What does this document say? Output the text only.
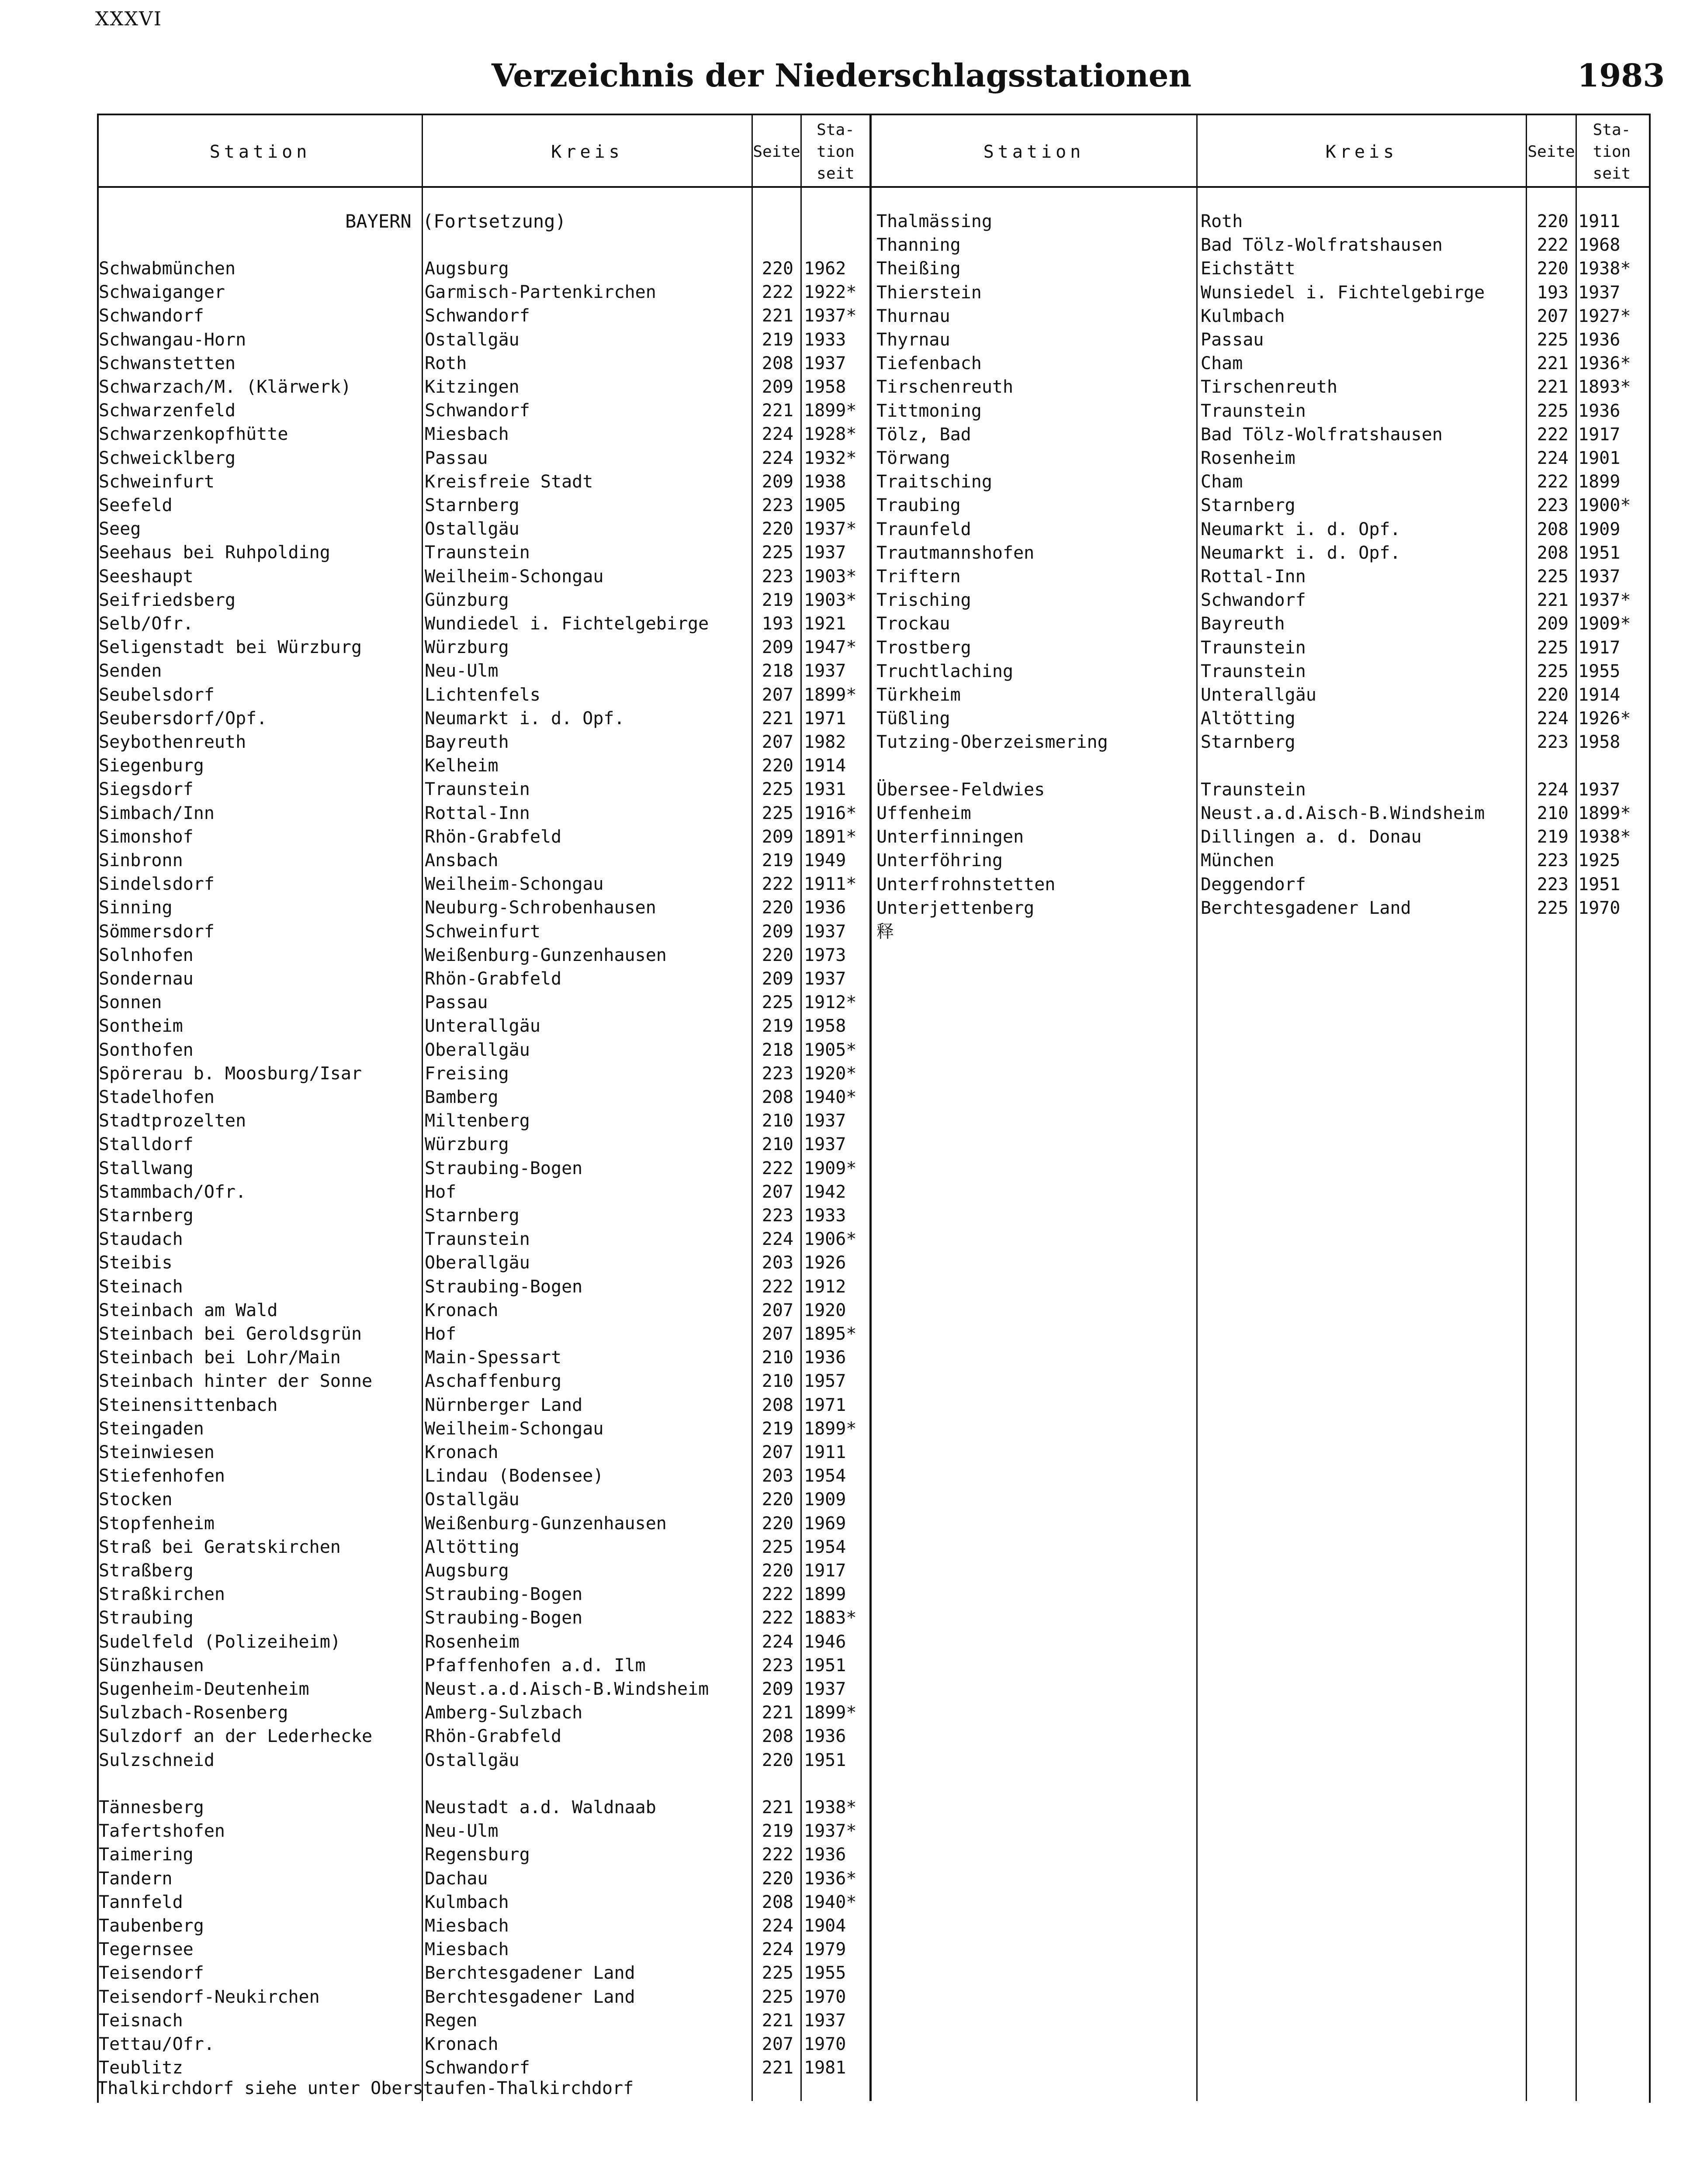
XXXVI
Verzeichnis der Niederschlagsstationen	1983
Station	Kreis	Seite
Sta-
tion
seit
Station	Kreis	Seite
Sta-
tion
seit
BAYERN (Fortsetzung)
Schwabmünchen	Augsburg	220 1962
Schwaiganger	Garmisch-Partenkirchen	222 1922*
Schwandorf	Schwandorf	221 1937*
Schwangau-Horn	Ostallgäu	219 1933
Schwanstetten	Roth	208 1937
Schwarzach/M. (Klärwerk)	Kitzingen	209 1958
Schwarzenfeld	Schwandorf	221 1899*
Schwarzenkopfhütte	Miesbach	224 1928*
Schweicklberg	Passau	224 1932*
Schweinfurt	Kreisfreie Stadt	209 1938
Seefeld	Starnberg	223 1905
Seeg	Ostallgäu	220 1937*
Seehaus bei Ruhpolding	Traunstein	225 1937
Seeshaupt	Weilheim-Schongau	223 1903*
Seifriedsberg	Günzburg	219 1903*
Selb/Ofr.	Wundiedel i. Fichtelgebirge	193 1921
Seligenstadt bei Würzburg	Würzburg	209 1947*
Senden	Neu-Ulm	218 1937
Seubelsdorf	Lichtenfels	207 1899*
Seubersdorf/Opf.	Neumarkt i. d. Opf.	221 1971
Seybothenreuth	Bayreuth	207 1982
Siegenburg	Kelheim	220 1914
Siegsdorf	Traunstein	225 1931
Simbach/Inn	Rottal-Inn	225 1916*
Simonshof	Rhön-Grabfeld	209 1891*
Sinbronn	Ansbach	219 1949
Sindelsdorf	Weilheim-Schongau	222 1911*
Sinning	Neuburg-Schrobenhausen	220 1936
Sömmersdorf	Schweinfurt	209 1937
Solnhofen	Weißenburg-Gunzenhausen	220 1973
Sondernau	Rhön-Grabfeld	209 1937
Sonnen	Passau	225 1912*
Sontheim	Unterallgäu	219 1958
Sonthofen	Oberallgäu	218 1905*
Spörerau b. Moosburg/Isar	Freising	223 1920*
Stadelhofen	Bamberg	208 1940*
Stadtprozelten	Miltenberg	210 1937
Stalldorf	Würzburg	210 1937
Stallwang	Straubing-Bogen	222 1909*
Stammbach/Ofr.	Hof	207 1942
Starnberg	Starnberg	223 1933
Staudach	Traunstein	224 1906*
Steibis	Oberallgäu	203 1926
Steinach	Straubing-Bogen	222 1912
Steinbach am Wald	Kronach	207 1920
Steinbach bei Geroldsgrün	Hof	207 1895*
Steinbach bei Lohr/Main	Main-Spessart	210 1936
Steinbach hinter der Sonne	Aschaffenburg	210 1957
Steinensittenbach	Nürnberger Land	208 1971
Steingaden	Weilheim-Schongau	219 1899*
Steinwiesen	Kronach	207 1911
Stiefenhofen	Lindau (Bodensee)	203 1954
Stocken	Ostallgäu	220 1909
Stopfenheim	Weißenburg-Gunzenhausen	220 1969
Straß bei Geratskirchen	Altötting	225 1954
Straßberg	Augsburg	220 1917
Straßkirchen	Straubing-Bogen	222 1899
Straubing	Straubing-Bogen	222 1883*
Sudelfeld (Polizeiheim)	Rosenheim	224 1946
Sünzhausen	Pfaffenhofen a.d. Ilm	223 1951
Sugenheim-Deutenheim	Neust.a.d.Aisch-B.Windsheim	209 1937
Sulzbach-Rosenberg	Amberg-Sulzbach	221 1899*
Sulzdorf an der Lederhecke	Rhön-Grabfeld	208 1936
Sulzschneid	Ostallgäu	220 1951
Tännesberg	Neustadt a.d. Waldnaab	221 1938*
Tafertshofen	Neu-Ulm	219 1937*
Taimering	Regensburg	222 1936
Tandern	Dachau	220 1936*
Tannfeld	Kulmbach	208 1940*
Taubenberg	Miesbach	224 1904
Tegernsee	Miesbach	224 1979
Teisendorf	Berchtesgadener Land	225 1955
Teisendorf-Neukirchen	Berchtesgadener Land	225 1970
Teisnach	Regen	221 1937
Tettau/Ofr.	Kronach	207 1970
Teublitz	Schwandorf	221 1981
Thalmässing	Roth	220 1911
Thanning	Bad Tölz-Wolfratshausen	222 1968
Theißing	Eichstätt	220 1938*
Thierstein	Wunsiedel i. Fichtelgebirge	193 1937
Thurnau	Kulmbach	207 1927*
Thyrnau	Passau	225 1936
Tiefenbach	Cham	221 1936*
Tirschenreuth	Tirschenreuth	221 1893*
Tittmoning	Traunstein	225 1936
Tölz, Bad	Bad Tölz-Wolfratshausen	222 1917
Törwang	Rosenheim	224 1901
Traitsching	Cham	222 1899
Traubing	Starnberg	223 1900*
Traunfeld	Neumarkt i. d. Opf.	208 1909
Trautmannshofen	Neumarkt i. d. Opf.	208 1951
Triftern	Rottal-Inn	225 1937
Trisching	Schwandorf	221 1937*
Trockau	Bayreuth	209 1909*
Trostberg	Traunstein	225 1917
Truchtlaching	Traunstein	225 1955
Türkheim	Unterallgäu	220 1914
Tüßling	Altötting	224 1926*
Tutzing-Oberzeismering	Starnberg	223 1958
Übersee-Feldwies	Traunstein	224 1937
Uffenheim	Neust.a.d.Aisch-B.Windsheim	210 1899*
Unterfinningen	Dillingen a. d. Donau	219 1938*
Unterföhring	München	223 1925
Unterfrohnstetten	Deggendorf	223 1951
Unterjettenberg	Berchtesgadener Land	225 1970
释
Thalkirchdorf siehe unter Oberstaufen-Thalkirchdorf
